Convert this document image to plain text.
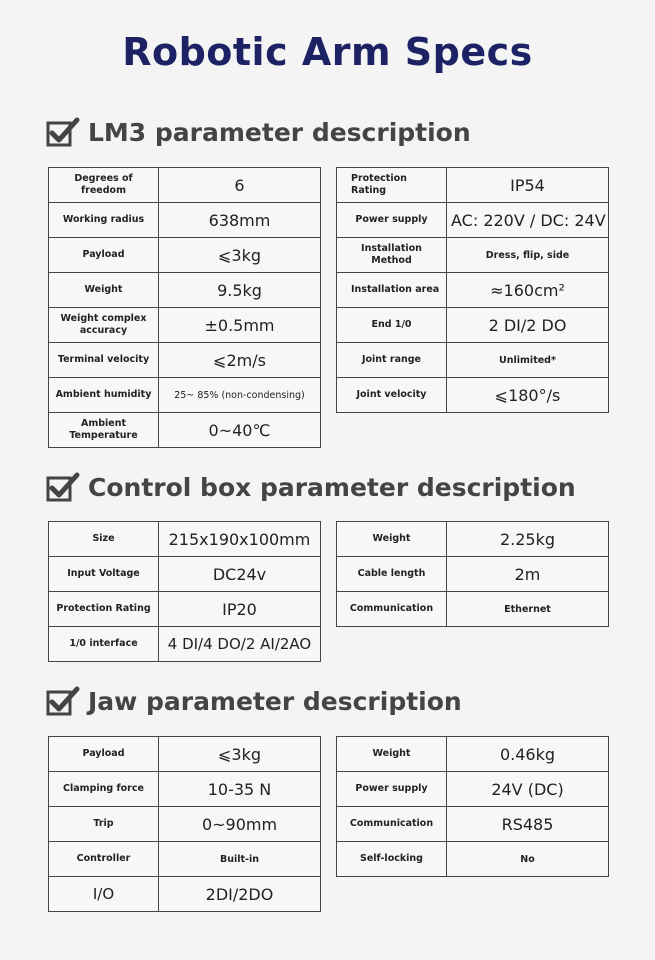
Robotic Arm Specs
LM3 parameter description
Degrees of freedom	6
Working radius	638mm
Payload	⩽3kg
Weight	9.5kg
Weight complex accuracy	±0.5mm
Terminal velocity	⩽2m/s
Ambient humidity	25~ 85% (non-condensing)
Ambient Temperature	0~40℃
Protection Rating	IP54
Power supply	AC: 220V / DC: 24V
Installation Method	Dress, flip, side
Installation area	≈160cm²
End 1/0	2 DI/2 DO
Joint range	Unlimited*
Joint velocity	⩽180°/s
Control box parameter description
Size	215x190x100mm
Input Voltage	DC24v
Protection Rating	IP20
1/0 interface	4 DI/4 DO/2 AI/2AO
Weight	2.25kg
Cable length	2m
Communication	Ethernet
Jaw parameter description
Payload	⩽3kg
Clamping force	10-35 N
Trip	0~90mm
Controller	Built-in
I/O	2DI/2DO
Weight	0.46kg
Power supply	24V (DC)
Communication	RS485
Self-locking	No
